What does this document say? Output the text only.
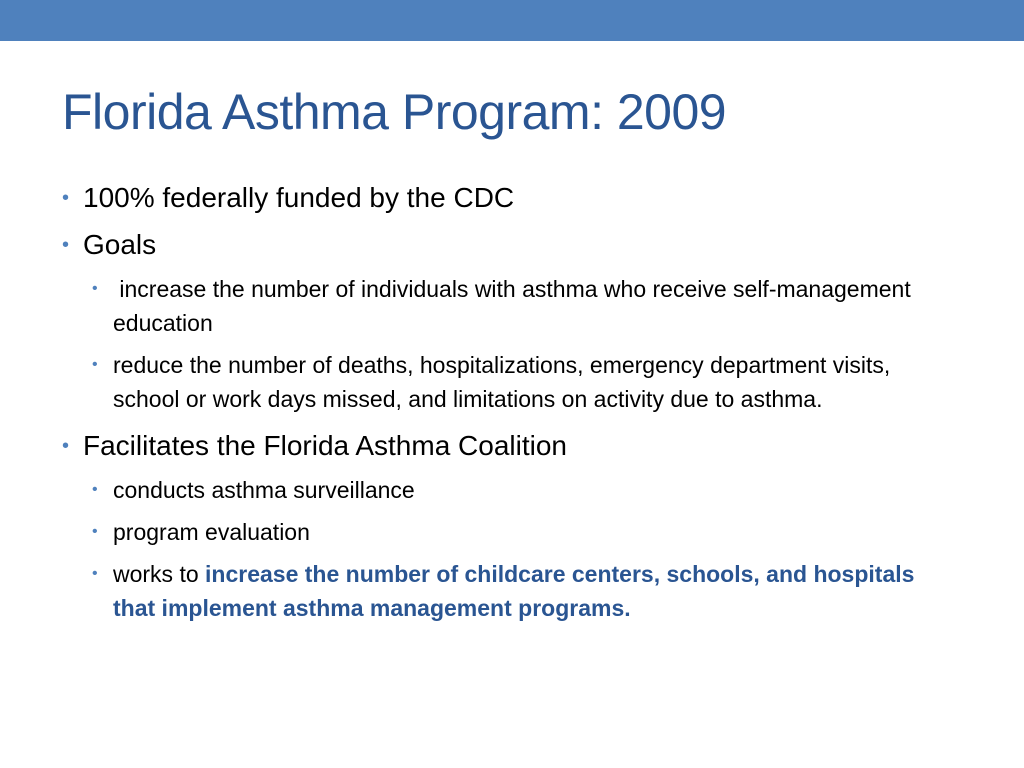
Florida Asthma Program: 2009
• 100% federally funded by the CDC
• Goals
• increase the number of individuals with asthma who receive self-management education
• reduce the number of deaths, hospitalizations, emergency department visits, school or work days missed, and limitations on activity due to asthma.
• Facilitates the Florida Asthma Coalition
• conducts asthma surveillance
• program evaluation
• works to increase the number of childcare centers, schools, and hospitals that implement asthma management programs.
